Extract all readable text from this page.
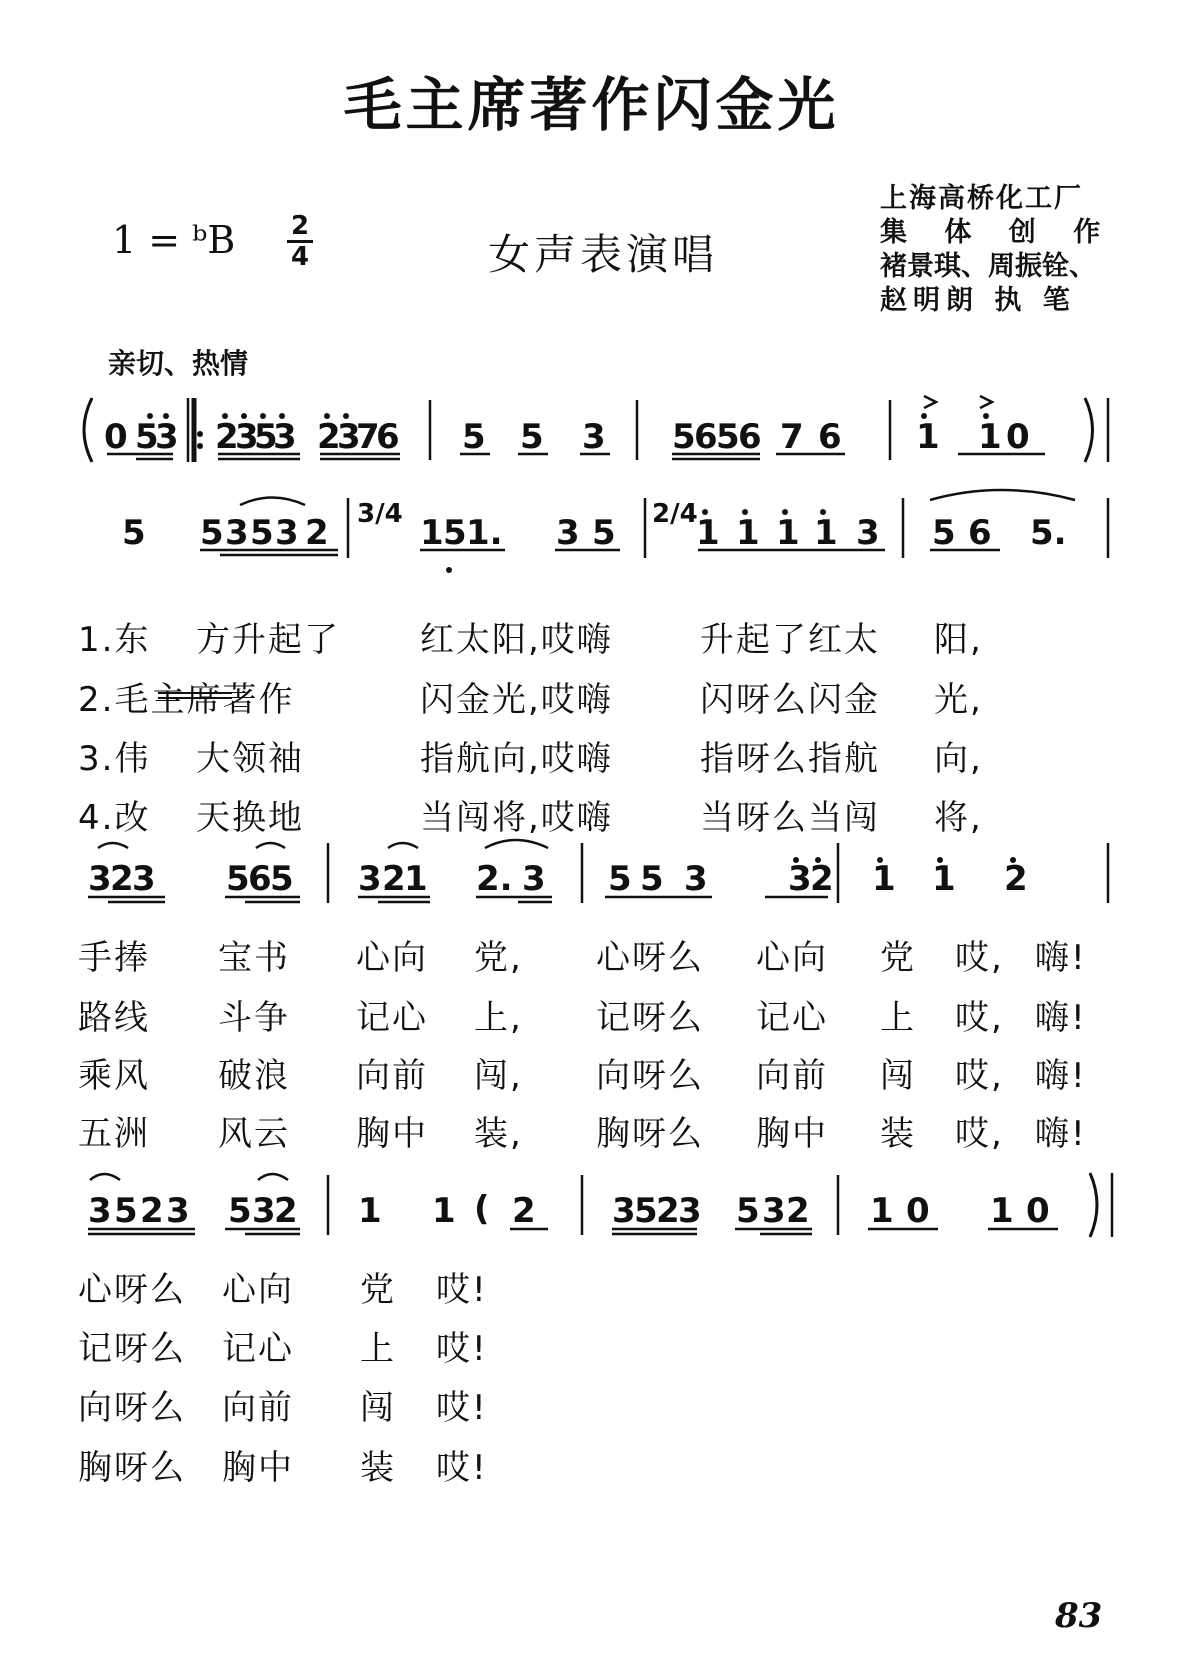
毛主席著作闪金光
1 = ᵇB 2
4	女声表演唱
上海高桥化工厂
集 体 创 作
褚景琪、周振铨、
赵明朗 执 笔
亲切、热情
0 5
3 2
3
5
3 2
3
7
6 5 5 3 5
6
5
6 7 6 1 1 0
5 5 3 5 3 2 3/4 1 5 1. 3 5 2/4
1 1 1 1 3 5 6 5.
3
2
3 5
6
5 3 2
1 2. 3 5 5 3 3
2 1 1 2
3 5 2 3 5 3
2 1 1 ( 2 3
5
2
3 5 3 2 1 0 1 0
1.东 方升起了 红太阳,哎嗨	升起了红太 阳,
2.毛主席著作	闪金光,哎嗨	闪呀么闪金 光,
3.伟 大领袖	指航向,哎嗨	指呀么指航 向,
4.改 天换地	当闯将,哎嗨	当呀么当闯 将,
手捧 宝书 心向 党, 心呀么 心向 党 哎, 嗨!
路线 斗争 记心 上, 记呀么 记心 上 哎, 嗨!
乘风 破浪 向前 闯, 向呀么 向前 闯 哎, 嗨!
五洲 风云 胸中 装, 胸呀么 胸中 装 哎, 嗨!
心呀么 心向 党 哎!
记呀么 记心 上 哎!
向呀么 向前 闯 哎!
胸呀么 胸中 装 哎!
83
